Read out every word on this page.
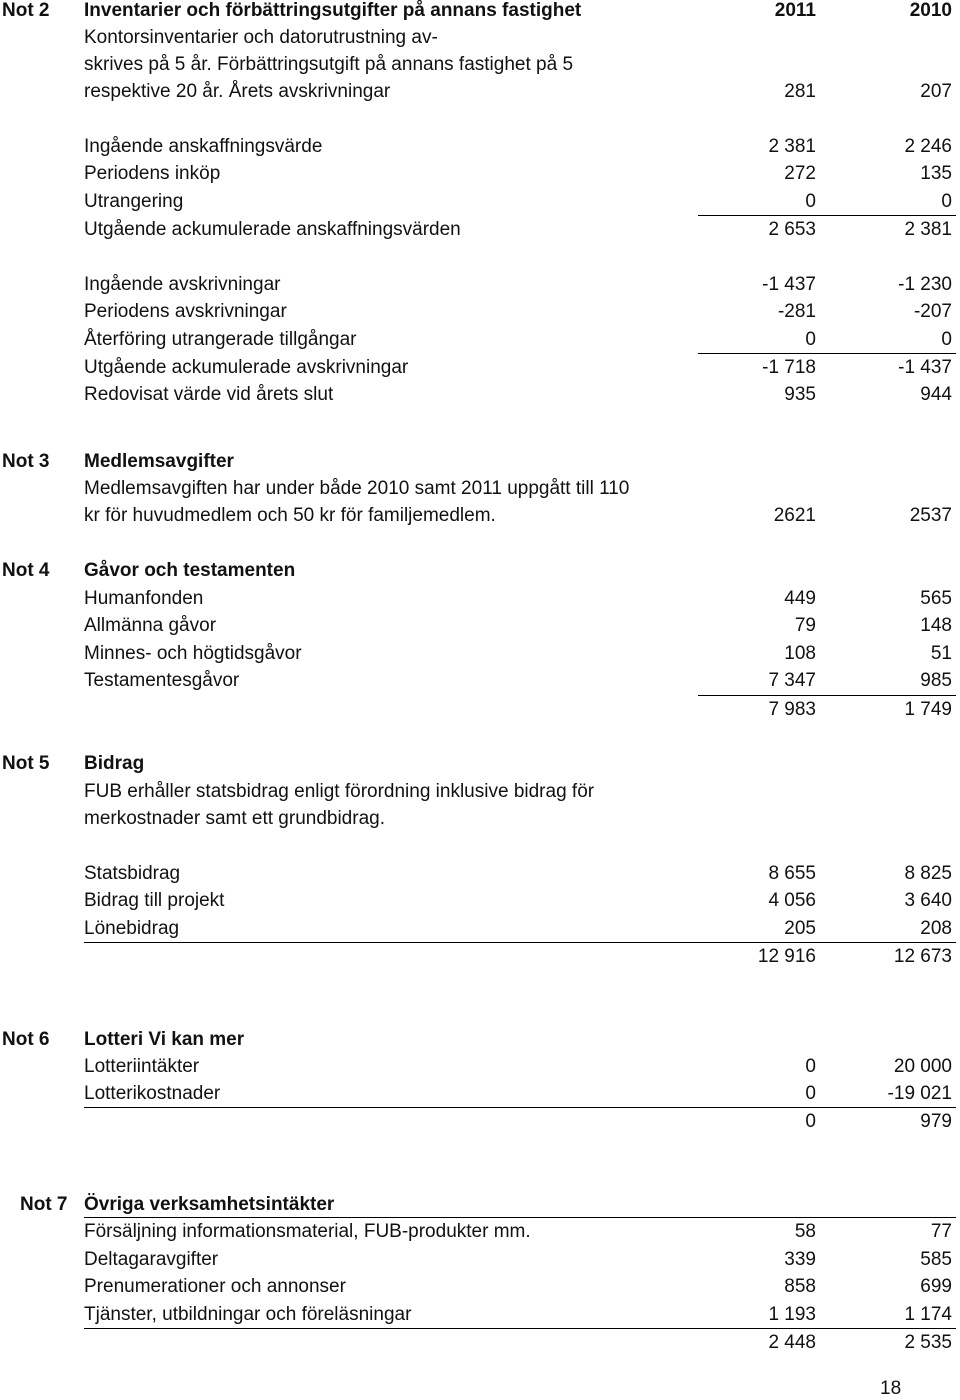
Not 2	Inventarier och förbättringsutgifter på annans fastighet	2011	2010
Kontorsinventarier och datorutrustning av-
skrives på 5 år. Förbättringsutgift på annans fastighet på 5
respektive 20 år. Årets avskrivningar	281	207
Ingående anskaffningsvärde	2 381	2 246
Periodens inköp	272	135
Utrangering	0	0
Utgående ackumulerade anskaffningsvärden	2 653	2 381
Ingående avskrivningar	-1 437	-1 230
Periodens avskrivningar	-281	-207
Återföring utrangerade tillgångar	0	0
Utgående ackumulerade avskrivningar	-1 718	-1 437
Redovisat värde vid årets slut	935	944
Not 3	Medlemsavgifter
Medlemsavgiften har under både 2010 samt 2011 uppgått till 110
kr för huvudmedlem och 50 kr för familjemedlem.	2621	2537
Not 4	Gåvor och testamenten
Humanfonden	449	565
Allmänna gåvor	79	148
Minnes- och högtidsgåvor	108	51
Testamentesgåvor	7 347	985
7 983	1 749
Not 5	Bidrag
FUB erhåller statsbidrag enligt förordning inklusive bidrag för
merkostnader samt ett grundbidrag.
Statsbidrag	8 655	8 825
Bidrag till projekt	4 056	3 640
Lönebidrag	205	208
12 916	12 673
Not 6	Lotteri Vi kan mer
Lotteriintäkter	0	20 000
Lotterikostnader	0	-19 021
0	979
Not 7 Övriga verksamhetsintäkter
Försäljning informationsmaterial, FUB-produkter mm.	58	77
Deltagaravgifter	339	585
Prenumerationer och annonser	858	699
Tjänster, utbildningar och föreläsningar	1 193	1 174
2 448	2 535
18
